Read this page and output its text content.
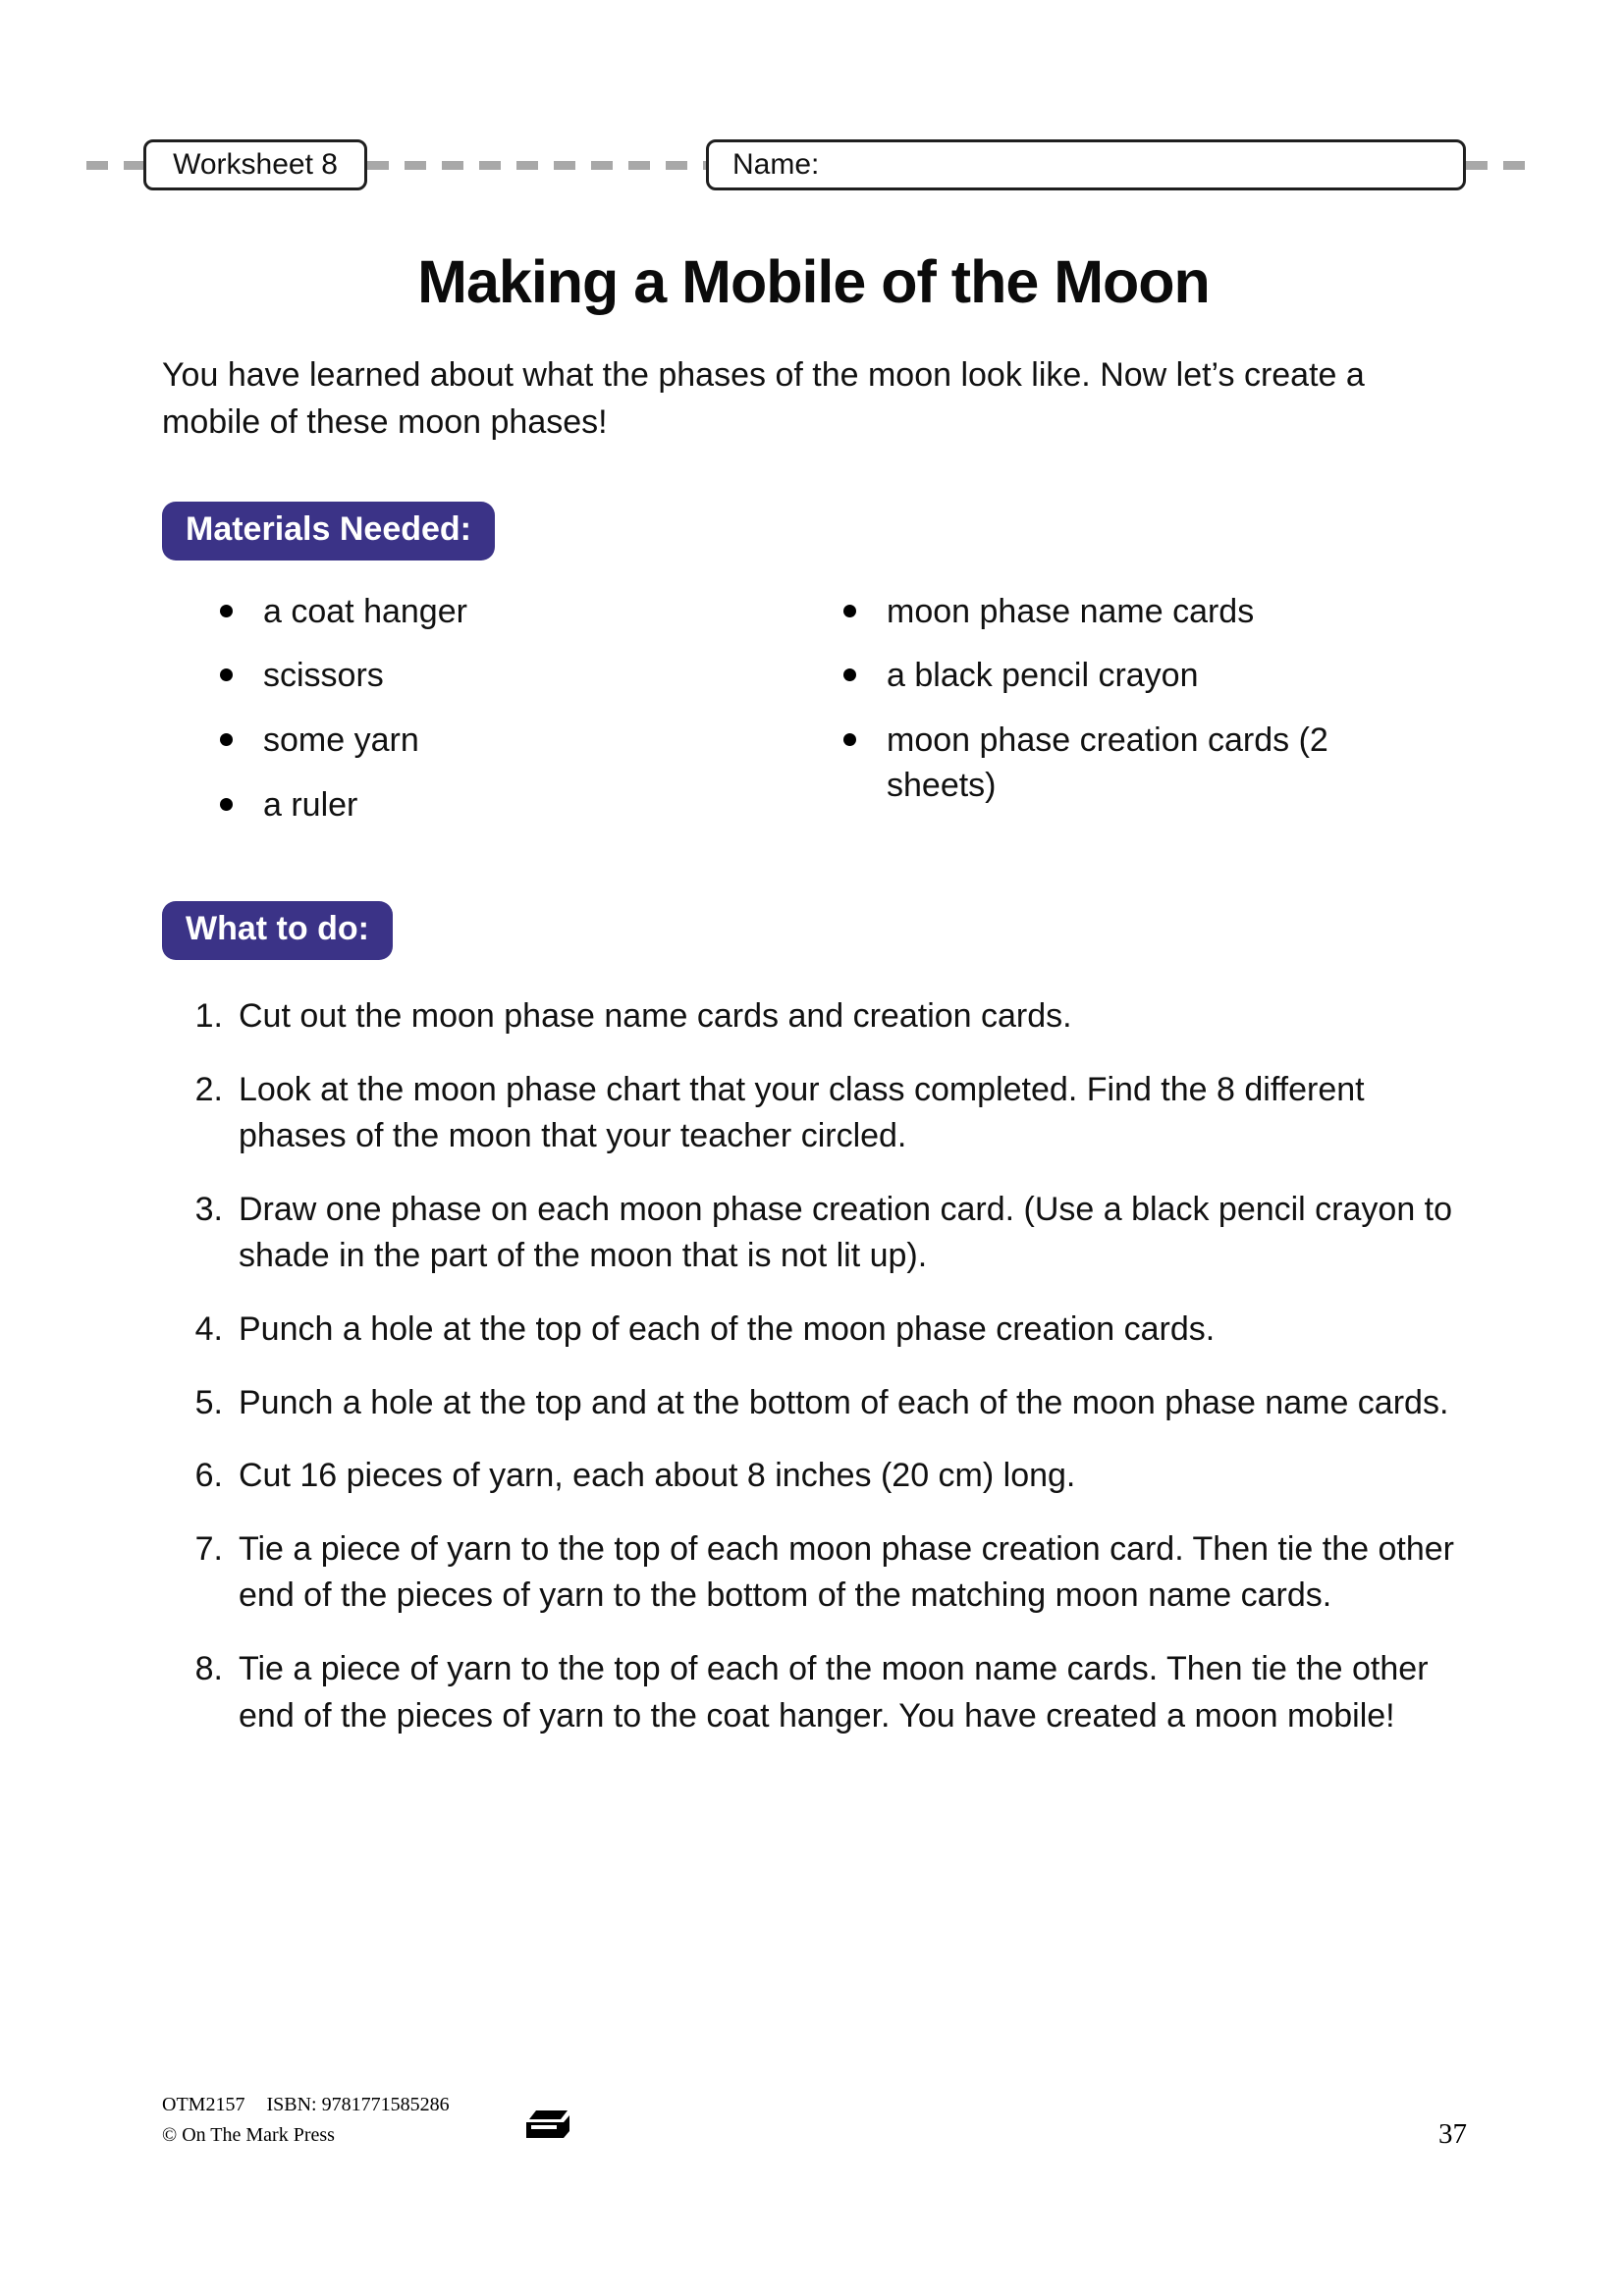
Worksheet 8	Name:
Making a Mobile of the Moon

You have learned about what the phases of the moon look like. Now let’s create a mobile of these moon phases!

Materials Needed:
a coat hanger
scissors
some yarn
a ruler
moon phase name cards
a black pencil crayon
moon phase creation cards (2 sheets)
What to do:
1. Cut out the moon phase name cards and creation cards.
2. Look at the moon phase chart that your class completed. Find the 8 different phases of the moon that your teacher circled.
3. Draw one phase on each moon phase creation card. (Use a black pencil crayon to shade in the part of the moon that is not lit up).
4. Punch a hole at the top of each of the moon phase creation cards.
5. Punch a hole at the top and at the bottom of each of the moon phase name cards.
6. Cut 16 pieces of yarn, each about 8 inches (20 cm) long.
7. Tie a piece of yarn to the top of each moon phase creation card. Then tie the other end of the pieces of yarn to the bottom of the matching moon name cards.
8. Tie a piece of yarn to the top of each of the moon name cards. Then tie the other end of the pieces of yarn to the coat hanger. You have created a moon mobile!
OTM2157 ISBN: 9781771585286
© On The Mark Press	37
